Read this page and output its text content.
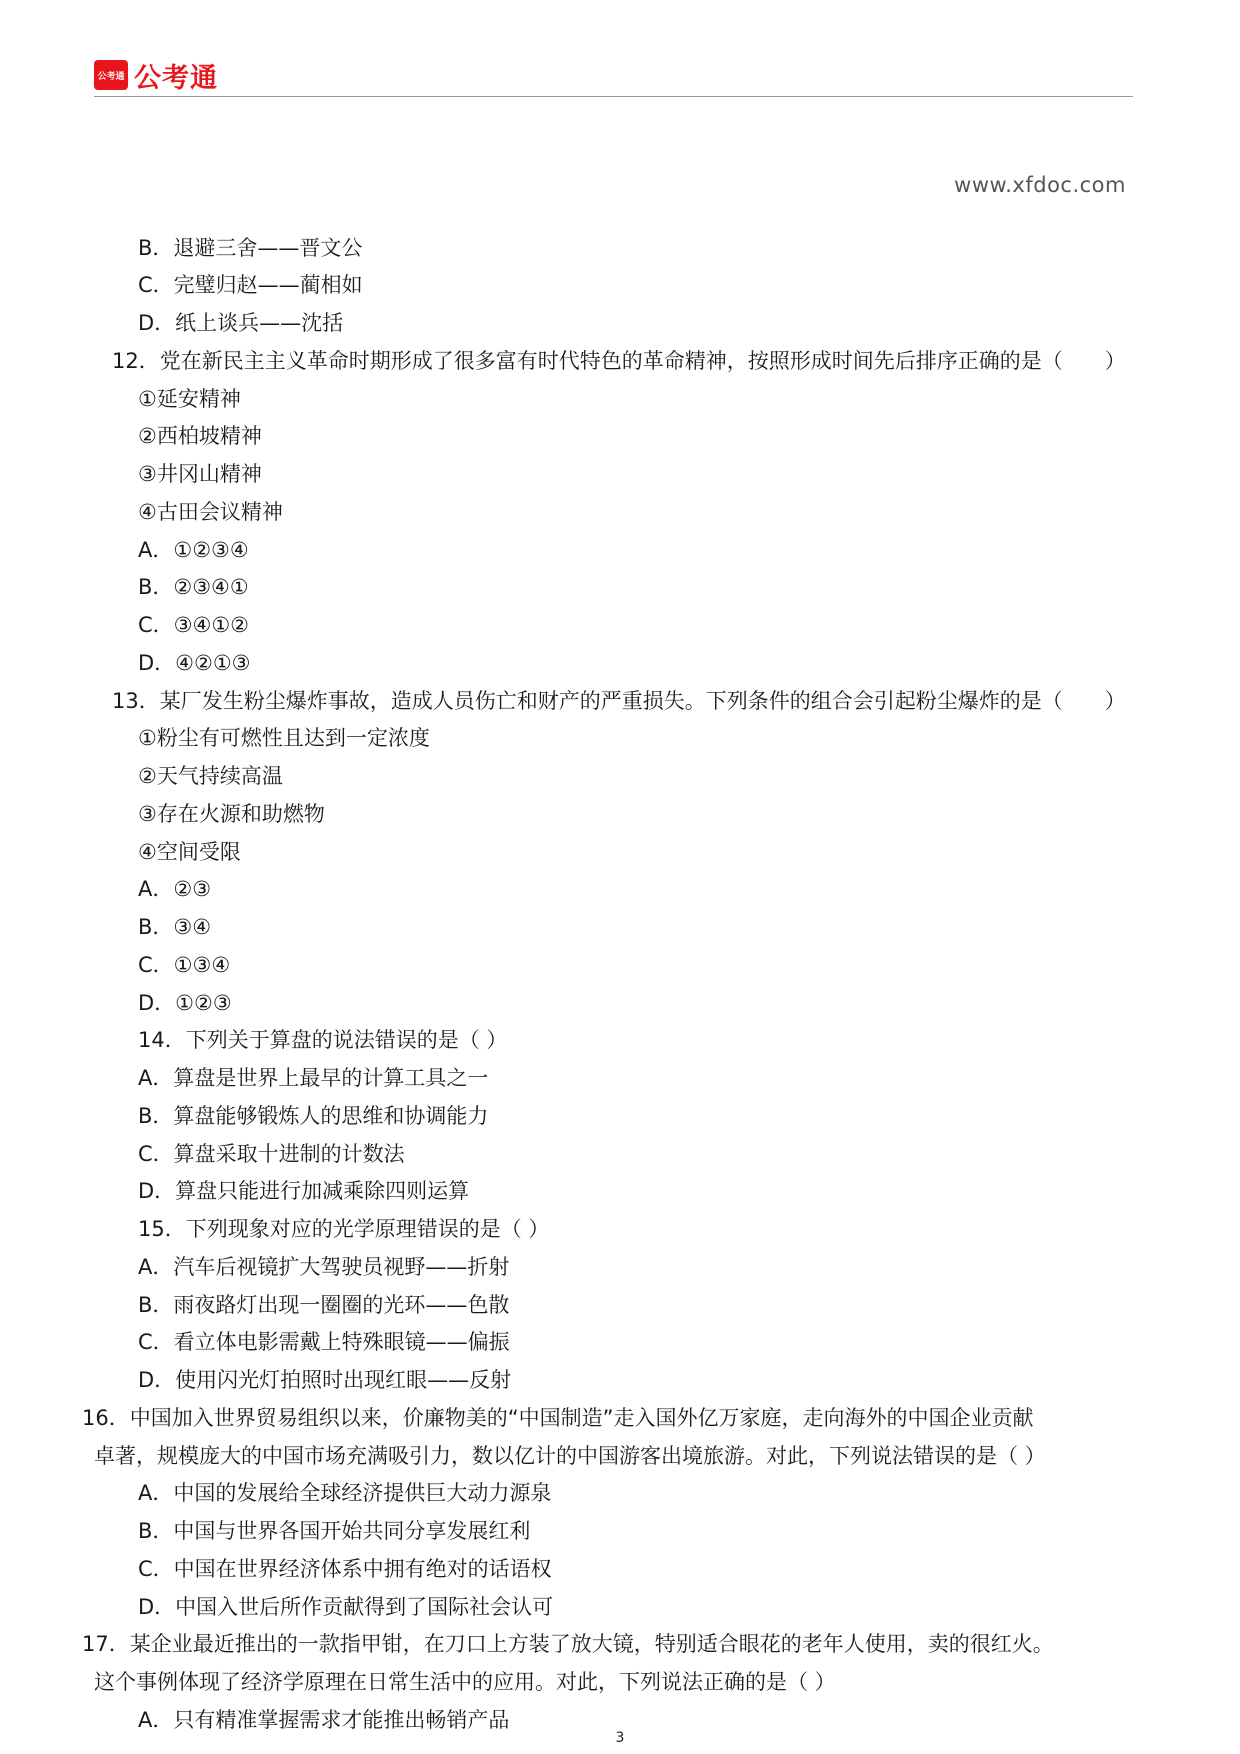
公考通 公考通
www.xfdoc.com
B．退避三舍——晋文公
C．完璧归赵——蔺相如
D．纸上谈兵——沈括
12．党在新民主主义革命时期形成了很多富有时代特色的革命精神，按照形成时间先后排序正确的是（　　）
①延安精神
②西柏坡精神
③井冈山精神
④古田会议精神
A．①②③④
B．②③④①
C．③④①②
D．④②①③
13．某厂发生粉尘爆炸事故，造成人员伤亡和财产的严重损失。下列条件的组合会引起粉尘爆炸的是（　　）
①粉尘有可燃性且达到一定浓度
②天气持续高温
③存在火源和助燃物
④空间受限
A．②③
B．③④
C．①③④
D．①②③
14．下列关于算盘的说法错误的是（ ）
A．算盘是世界上最早的计算工具之一
B．算盘能够锻炼人的思维和协调能力
C．算盘采取十进制的计数法
D．算盘只能进行加减乘除四则运算
15．下列现象对应的光学原理错误的是（ ）
A．汽车后视镜扩大驾驶员视野——折射
B．雨夜路灯出现一圈圈的光环——色散
C．看立体电影需戴上特殊眼镜——偏振
D．使用闪光灯拍照时出现红眼——反射
16．中国加入世界贸易组织以来，价廉物美的“中国制造”走入国外亿万家庭，走向海外的中国企业贡献
卓著，规模庞大的中国市场充满吸引力，数以亿计的中国游客出境旅游。对此，下列说法错误的是（ ）
A．中国的发展给全球经济提供巨大动力源泉
B．中国与世界各国开始共同分享发展红利
C．中国在世界经济体系中拥有绝对的话语权
D．中国入世后所作贡献得到了国际社会认可
17．某企业最近推出的一款指甲钳，在刀口上方装了放大镜，特别适合眼花的老年人使用，卖的很红火。
这个事例体现了经济学原理在日常生活中的应用。对此，下列说法正确的是（ ）
A．只有精准掌握需求才能推出畅销产品
3
